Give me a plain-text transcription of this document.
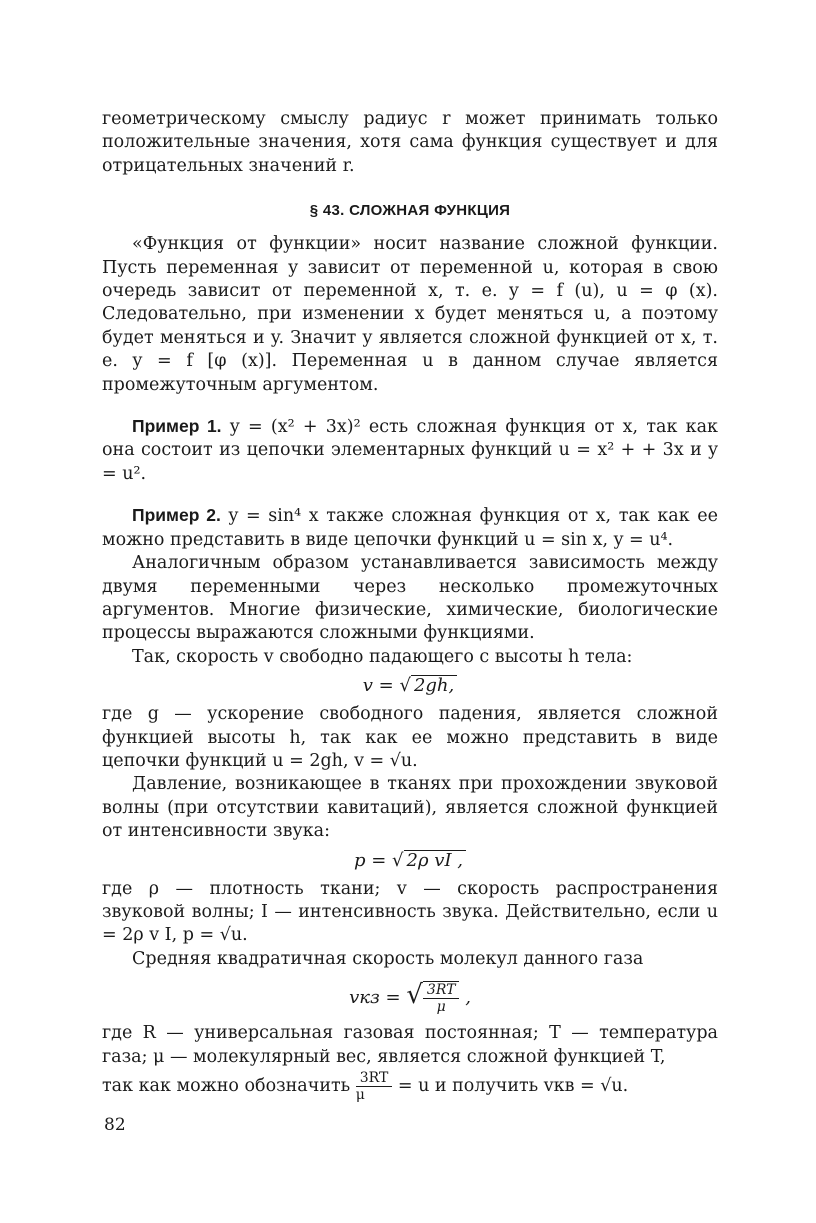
геометрическому смыслу радиус r может принимать только положительные значения, хотя сама функция существует и для отрицательных значений r.

§ 43. СЛОЖНАЯ ФУНКЦИЯ

«Функция от функции» носит название сложной функции. Пусть переменная y зависит от переменной u, которая в свою очередь зависит от переменной x, т. е. y = f (u), u = φ (x). Следовательно, при изменении x будет меняться u, а поэтому будет меняться и y. Значит y является сложной функцией от x, т. е. y = f [φ (x)]. Переменная u в данном случае является промежуточным аргументом.

Пример 1. y = (x² + 3x)² есть сложная функция от x, так как она состоит из цепочки элементарных функций u = x² + + 3x и y = u².

Пример 2. y = sin⁴ x также сложная функция от x, так как ее можно представить в виде цепочки функций u = sin x, y = u⁴.

Аналогичным образом устанавливается зависимость между двумя переменными через несколько промежуточных аргументов. Многие физические, химические, биологические процессы выражаются сложными функциями.

Так, скорость v свободно падающего с высоты h тела:

v = √ 2gh,

где g — ускорение свободного падения, является сложной функцией высоты h, так как ее можно представить в виде цепочки функций u = 2gh, v = √u.

Давление, возникающее в тканях при прохождении звуковой волны (при отсутствии кавитаций), является сложной функцией от интенсивности звука:

p = √ 2ρ vI ,

где ρ — плотность ткани; v — скорость распространения звуковой волны; I — интенсивность звука. Действительно, если u = 2ρ v I, p = √u.

Средняя квадратичная скорость молекул данного газа

vкз = √ $\frac{3RT}{\mu}$ ,

где R — универсальная газовая постоянная; T — температура газа; μ — молекулярный вес, является сложной функцией T,

так как можно обозначить $\frac{3RT}{\mu} = u$ и получить vкв = √u.

82
